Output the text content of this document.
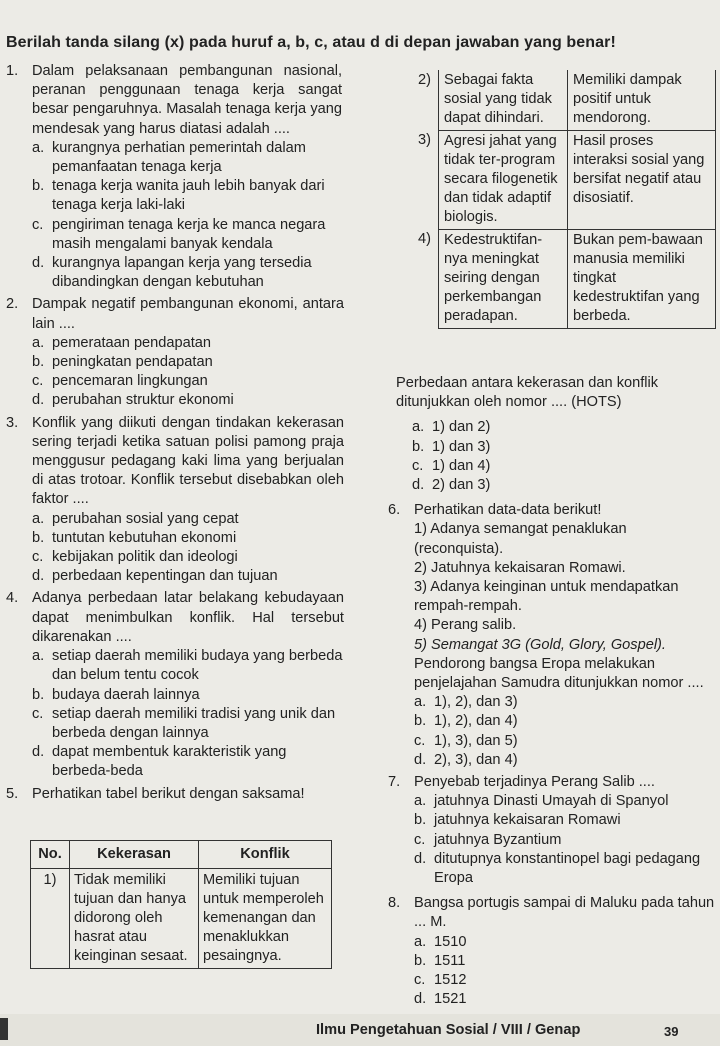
Berilah tanda silang (x) pada huruf a, b, c, atau d di depan jawaban yang benar!
1. Dalam pelaksanaan pembangunan nasional, peranan penggunaan tenaga kerja sangat besar pengaruhnya. Masalah tenaga kerja yang mendesak yang harus diatasi adalah ....
a. kurangnya perhatian pemerintah dalam pemanfaatan tenaga kerja
b. tenaga kerja wanita jauh lebih banyak dari tenaga kerja laki-laki
c. pengiriman tenaga kerja ke manca negara masih mengalami banyak kendala
d. kurangnya lapangan kerja yang tersedia dibandingkan dengan kebutuhan
2. Dampak negatif pembangunan ekonomi, antara lain ....
a. pemerataan pendapatan
b. peningkatan pendapatan
c. pencemaran lingkungan
d. perubahan struktur ekonomi
3. Konflik yang diikuti dengan tindakan kekerasan sering terjadi ketika satuan polisi pamong praja menggusur pedagang kaki lima yang berjualan di atas trotoar. Konflik tersebut disebabkan oleh faktor ....
a. perubahan sosial yang cepat
b. tuntutan kebutuhan ekonomi
c. kebijakan politik dan ideologi
d. perbedaan kepentingan dan tujuan
4. Adanya perbedaan latar belakang kebudayaan dapat menimbulkan konflik. Hal tersebut dikarenakan ....
a. setiap daerah memiliki budaya yang berbeda dan belum tentu cocok
b. budaya daerah lainnya
c. setiap daerah memiliki tradisi yang unik dan berbeda dengan lainnya
d. dapat membentuk karakteristik yang berbeda-beda
5. Perhatikan tabel berikut dengan saksama!
No.	Kekerasan	Konflik
1)	Tidak memiliki tujuan dan hanya didorong oleh hasrat atau keinginan sesaat.	Memiliki tujuan untuk memperoleh kemenangan dan menaklukkan pesaingnya.
2)	Sebagai fakta sosial yang tidak dapat dihindari.	Memiliki dampak positif untuk mendorong.
3)	Agresi jahat yang tidak ter-program secara filogenetik dan tidak adaptif biologis.	Hasil proses interaksi sosial yang bersifat negatif atau disosiatif.
4)	Kedestruktifan-nya meningkat seiring dengan perkembangan peradapan.	Bukan pem-bawaan manusia memiliki tingkat kedestruktifan yang berbeda.
Perbedaan antara kekerasan dan konflik ditunjukkan oleh nomor .... (HOTS)
a. 1) dan 2)
b. 1) dan 3)
c. 1) dan 4)
d. 2) dan 3)
6. Perhatikan data-data berikut!
1) Adanya semangat penaklukan (reconquista).
2) Jatuhnya kekaisaran Romawi.
3) Adanya keinginan untuk mendapatkan rempah-rempah.
4) Perang salib.
5) Semangat 3G (Gold, Glory, Gospel).
Pendorong bangsa Eropa melakukan penjelajahan Samudra ditunjukkan nomor ....
a. 1), 2), dan 3)
b. 1), 2), dan 4)
c. 1), 3), dan 5)
d. 2), 3), dan 4)
7. Penyebab terjadinya Perang Salib ....
a. jatuhnya Dinasti Umayah di Spanyol
b. jatuhnya kekaisaran Romawi
c. jatuhnya Byzantium
d. ditutupnya konstantinopel bagi pedagang Eropa
8. Bangsa portugis sampai di Maluku pada tahun ... M.
a. 1510
b. 1511
c. 1512
d. 1521
Ilmu Pengetahuan Sosial / VIII / Genap	39
